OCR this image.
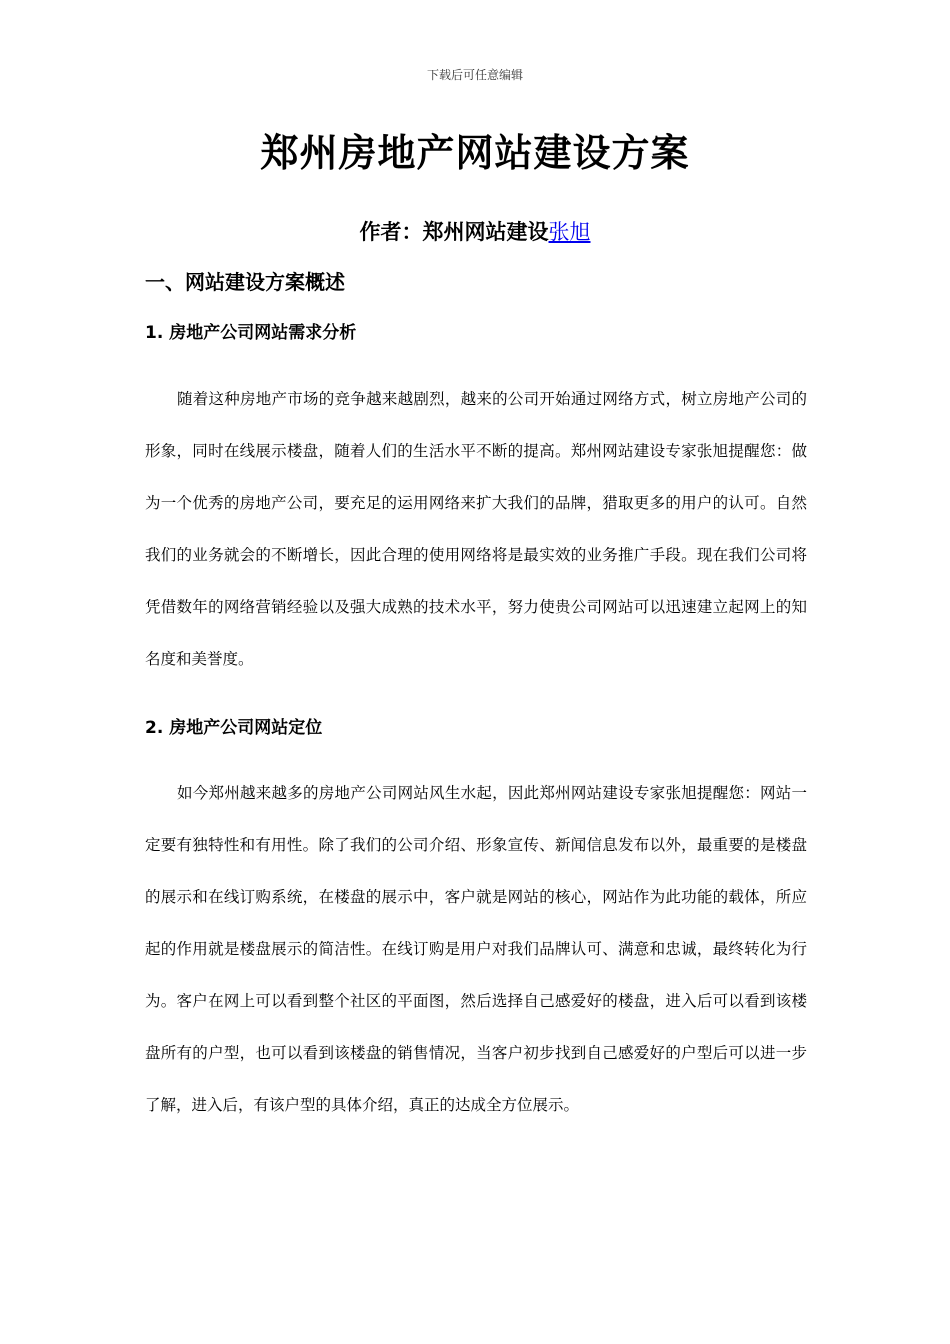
下载后可任意编辑
郑州房地产网站建设方案
作者：郑州网站建设张旭
一、网站建设方案概述
1. 房地产公司网站需求分析
随着这种房地产市场的竞争越来越剧烈，越来的公司开始通过网络方式，树立房地产公司的形象，同时在线展示楼盘，随着人们的生活水平不断的提高。郑州网站建设专家张旭提醒您：做为一个优秀的房地产公司，要充足的运用网络来扩大我们的品牌，猎取更多的用户的认可。自然我们的业务就会的不断增长，因此合理的使用网络将是最实效的业务推广手段。现在我们公司将凭借数年的网络营销经验以及强大成熟的技术水平，努力使贵公司网站可以迅速建立起网上的知名度和美誉度。
2. 房地产公司网站定位
如今郑州越来越多的房地产公司网站风生水起，因此郑州网站建设专家张旭提醒您：网站一定要有独特性和有用性。除了我们的公司介绍、形象宣传、新闻信息发布以外，最重要的是楼盘的展示和在线订购系统，在楼盘的展示中，客户就是网站的核心，网站作为此功能的载体，所应起的作用就是楼盘展示的简洁性。在线订购是用户对我们品牌认可、满意和忠诚，最终转化为行为。客户在网上可以看到整个社区的平面图，然后选择自己感爱好的楼盘，进入后可以看到该楼盘所有的户型，也可以看到该楼盘的销售情况，当客户初步找到自己感爱好的户型后可以进一步了解，进入后，有该户型的具体介绍，真正的达成全方位展示。
